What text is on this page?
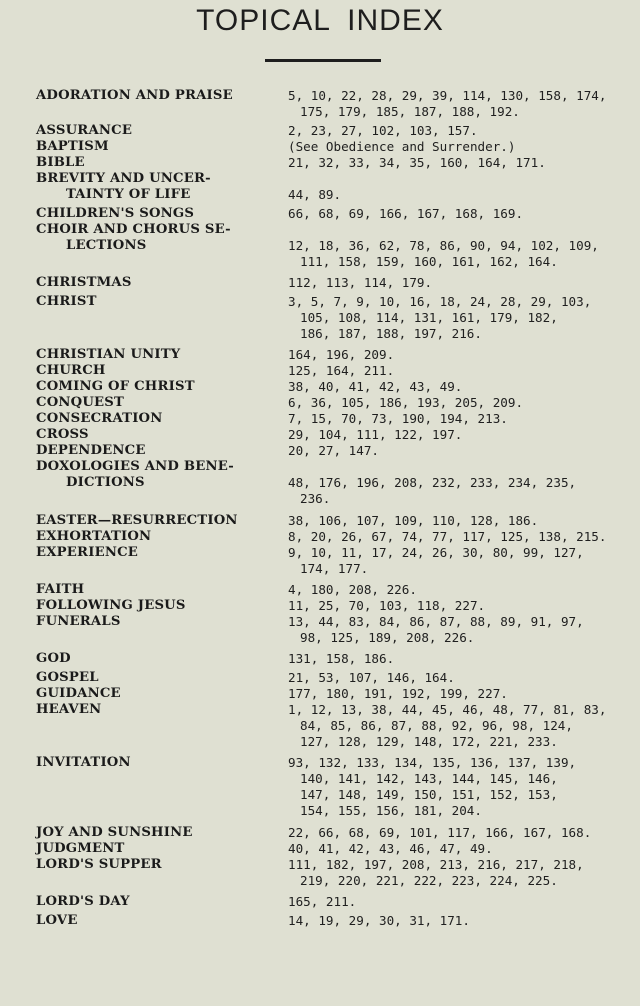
TOPICAL INDEX
ADORATION AND PRAISE	5, 10, 22, 28, 29, 39, 114, 130, 158, 174,
175, 179, 185, 187, 188, 192.
ASSURANCE	2, 23, 27, 102, 103, 157.
BAPTISM	(See Obedience and Surrender.)
BIBLE	21, 32, 33, 34, 35, 160, 164, 171.
BREVITY AND UNCER-
TAINTY OF LIFE	44, 89.
CHILDREN'S SONGS	66, 68, 69, 166, 167, 168, 169.
CHOIR AND CHORUS SE-
LECTIONS	12, 18, 36, 62, 78, 86, 90, 94, 102, 109,
111, 158, 159, 160, 161, 162, 164.
CHRISTMAS	112, 113, 114, 179.
CHRIST	3, 5, 7, 9, 10, 16, 18, 24, 28, 29, 103,
105, 108, 114, 131, 161, 179, 182,
186, 187, 188, 197, 216.
CHRISTIAN UNITY	164, 196, 209.
CHURCH	125, 164, 211.
COMING OF CHRIST	38, 40, 41, 42, 43, 49.
CONQUEST	6, 36, 105, 186, 193, 205, 209.
CONSECRATION	7, 15, 70, 73, 190, 194, 213.
CROSS	29, 104, 111, 122, 197.
DEPENDENCE	20, 27, 147.
DOXOLOGIES AND BENE-
DICTIONS	48, 176, 196, 208, 232, 233, 234, 235,
236.
EASTER—RESURRECTION	38, 106, 107, 109, 110, 128, 186.
EXHORTATION	8, 20, 26, 67, 74, 77, 117, 125, 138, 215.
EXPERIENCE	9, 10, 11, 17, 24, 26, 30, 80, 99, 127,
174, 177.
FAITH	4, 180, 208, 226.
FOLLOWING JESUS	11, 25, 70, 103, 118, 227.
FUNERALS	13, 44, 83, 84, 86, 87, 88, 89, 91, 97,
98, 125, 189, 208, 226.
GOD	131, 158, 186.
GOSPEL	21, 53, 107, 146, 164.
GUIDANCE	177, 180, 191, 192, 199, 227.
HEAVEN	1, 12, 13, 38, 44, 45, 46, 48, 77, 81, 83,
84, 85, 86, 87, 88, 92, 96, 98, 124,
127, 128, 129, 148, 172, 221, 233.
INVITATION	93, 132, 133, 134, 135, 136, 137, 139,
140, 141, 142, 143, 144, 145, 146,
147, 148, 149, 150, 151, 152, 153,
154, 155, 156, 181, 204.
JOY AND SUNSHINE	22, 66, 68, 69, 101, 117, 166, 167, 168.
JUDGMENT	40, 41, 42, 43, 46, 47, 49.
LORD'S SUPPER	111, 182, 197, 208, 213, 216, 217, 218,
219, 220, 221, 222, 223, 224, 225.
LORD'S DAY	165, 211.
LOVE	14, 19, 29, 30, 31, 171.
